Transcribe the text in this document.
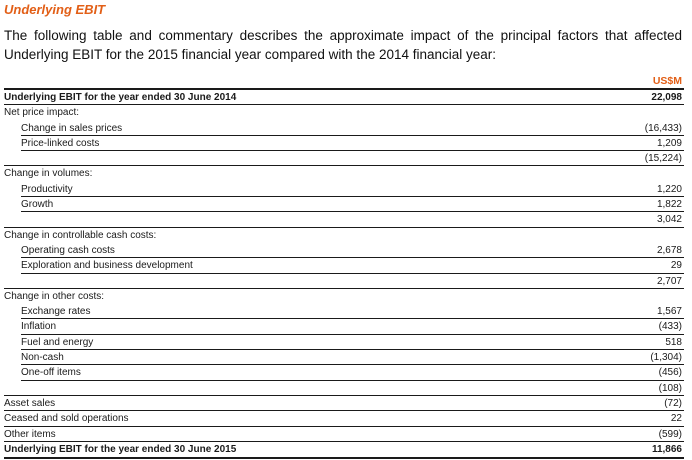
Underlying EBIT
The following table and commentary describes the approximate impact of the principal factors that affected Underlying EBIT for the 2015 financial year compared with the 2014 financial year:
US$M
Underlying EBIT for the year ended 30 June 2014	22,098
Net price impact:
Change in sales prices	(16,433)
Price-linked costs	1,209
(15,224)
Change in volumes:
Productivity	1,220
Growth	1,822
3,042
Change in controllable cash costs:
Operating cash costs	2,678
Exploration and business development	29
2,707
Change in other costs:
Exchange rates	1,567
Inflation	(433)
Fuel and energy	518
Non-cash	(1,304)
One-off items	(456)
(108)
Asset sales	(72)
Ceased and sold operations	22
Other items	(599)
Underlying EBIT for the year ended 30 June 2015	11,866
